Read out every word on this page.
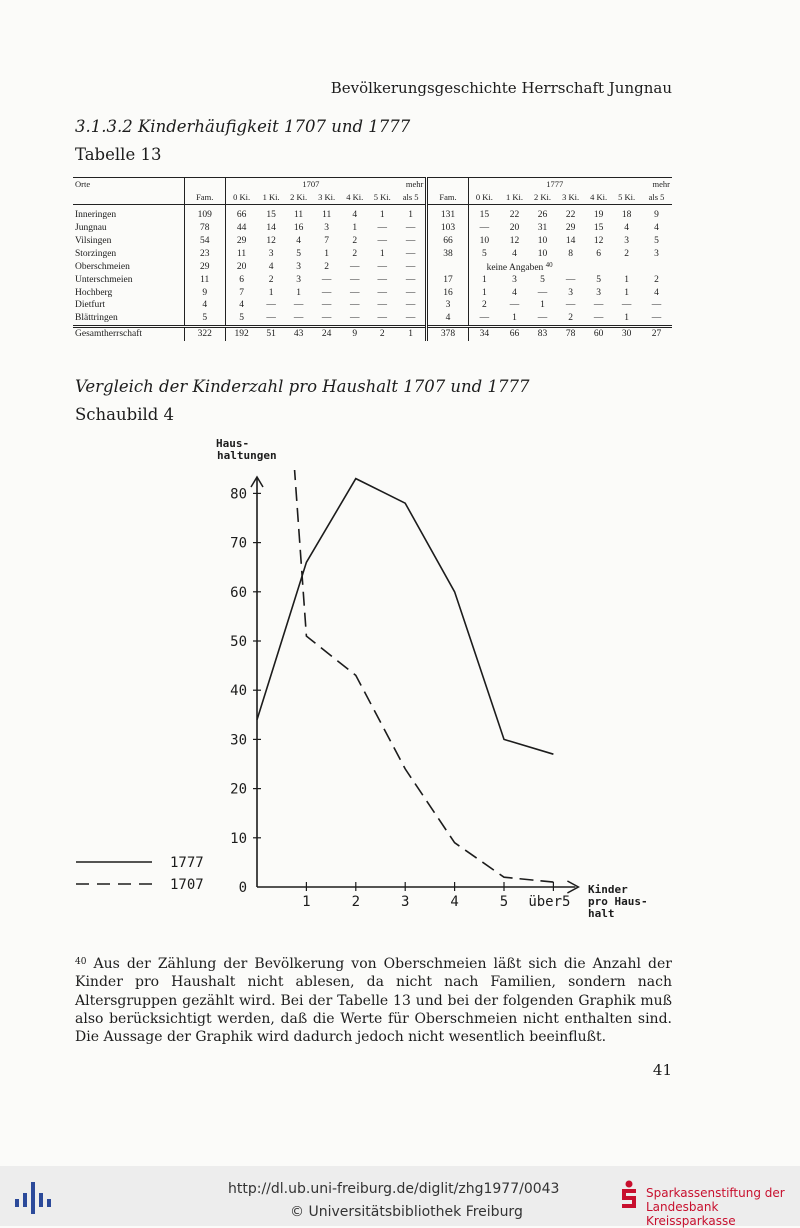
Bevölkerungsgeschichte Herrschaft Jungnau
3.1.3.2 Kinderhäufigkeit 1707 und 1777
Tabelle 13
Orte		1707						mehr		1777						mehr
	Fam.	0 Ki.	1 Ki.	2 Ki.	3 Ki.	4 Ki.	5 Ki.	als 5	Fam.	0 Ki.	1 Ki.	2 Ki.	3 Ki.	4 Ki.	5 Ki.	als 5
Inneringen	109	66	15	11	11	4	1	1	131	15	22	26	22	19	18	9
Jungnau	78	44	14	16	3	1	—	—	103	—	20	31	29	15	4	4
Vilsingen	54	29	12	4	7	2	—	—	66	10	12	10	14	12	3	5
Storzingen	23	11	3	5	1	2	1	—	38	5	4	10	8	6	2	3
Oberschmeien	29	20	4	3	2	—	—	—		keine Angaben $^{40}$
Unterschmeien	11	6	2	3	—	—	—	—	17	1	3	5	—	5	1	2
Hochberg	9	7	1	1	—	—	—	—	16	1	4	—	3	3	1	4
Dietfurt	4	4	—	—	—	—	—	—	3	2	—	1	—	—	—	—
Blättringen	5	5	—	—	—	—	—	—	4	—	1	—	2	—	1	—
Gesamtherrschaft	322	192	51	43	24	9	2	1	378	34	66	83	78	60	30	27
Vergleich der Kinderzahl pro Haushalt 1707 und 1777
Schaubild 4
0
10
20
30
40
50
60
70
80
1	2	3	4	5 über5
Haus-
haltungen
Kinder
pro Haus-
halt
1777
1707
$^{40}$ Aus der Zählung der Bevölkerung von Oberschmeien läßt sich die Anzahl der Kinder pro Haushalt nicht ablesen, da nicht nach Familien, sondern nach Altersgruppen gezählt wird. Bei der Tabelle 13 und bei der folgenden Graphik muß also berücksichtigt werden, daß die Werte für Oberschmeien nicht enthalten sind. Die Aussage der Graphik wird dadurch jedoch nicht wesentlich beeinflußt.
41
http://dl.ub.uni-freiburg.de/diglit/zhg1977/0043
© Universitätsbibliothek Freiburg
Sparkassenstiftung der
Landesbank Kreissparkasse
